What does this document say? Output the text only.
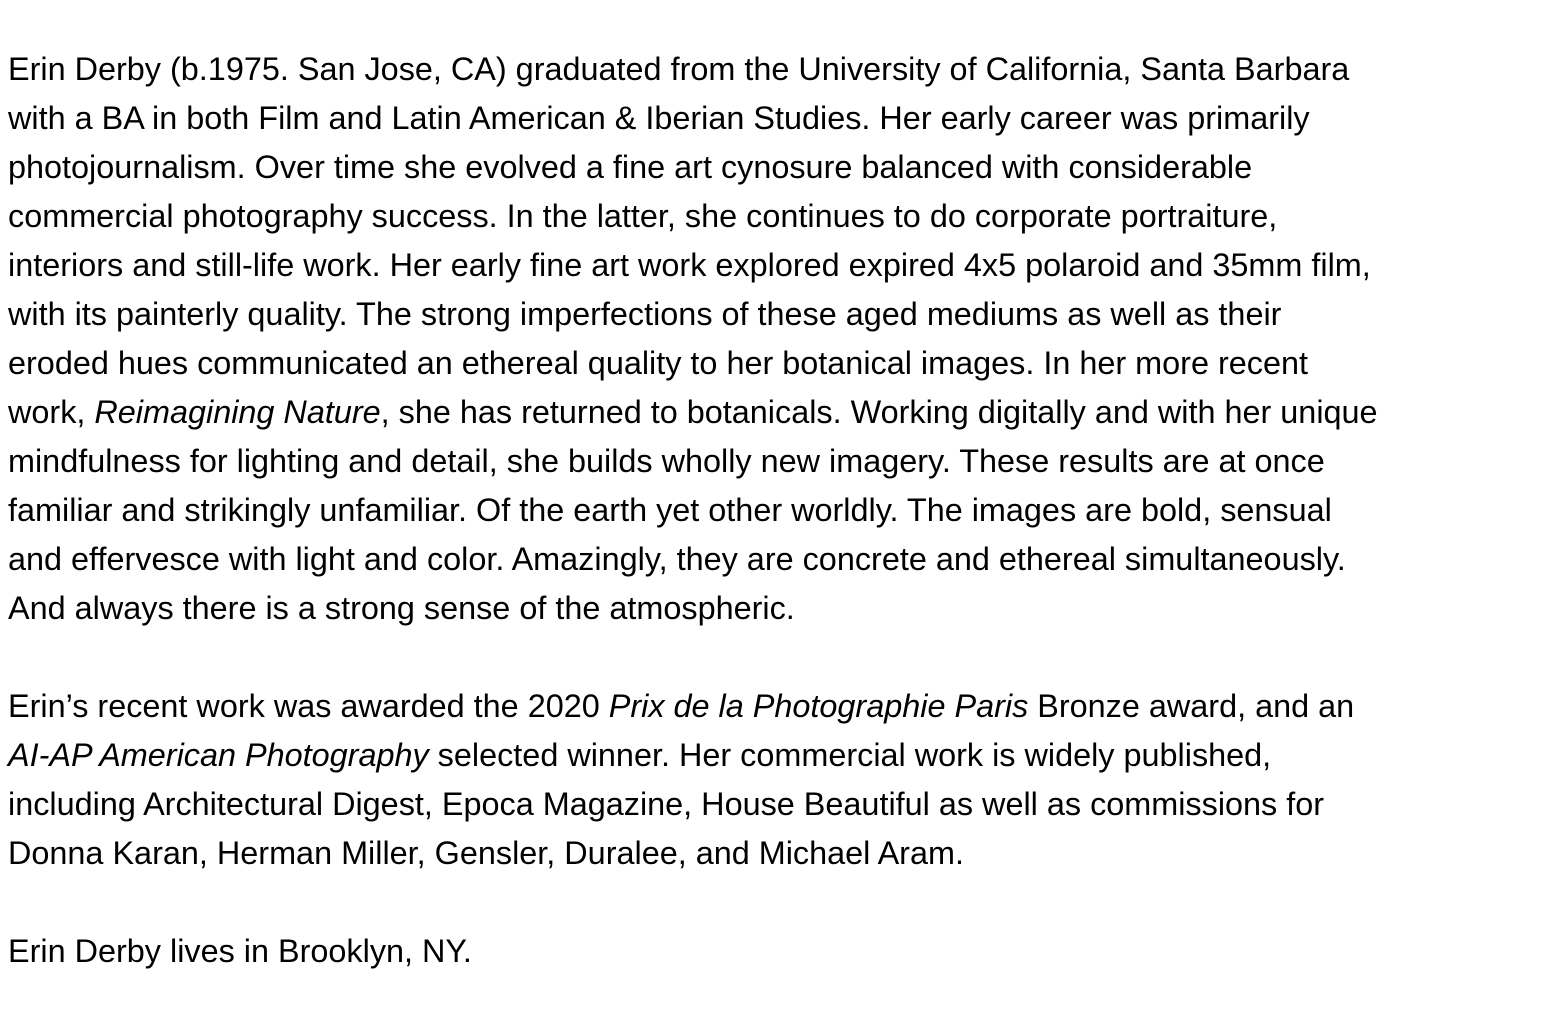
Erin Derby (b.1975. San Jose, CA) graduated from the University of California, Santa Barbara
with a BA in both Film and Latin American & Iberian Studies. Her early career was primarily
photojournalism. Over time she evolved a fine art cynosure balanced with considerable
commercial photography success. In the latter, she continues to do corporate portraiture,
interiors and still-life work. Her early fine art work explored expired 4x5 polaroid and 35mm film,
with its painterly quality. The strong imperfections of these aged mediums as well as their
eroded hues communicated an ethereal quality to her botanical images. In her more recent
work, Reimagining Nature, she has returned to botanicals. Working digitally and with her unique
mindfulness for lighting and detail, she builds wholly new imagery. These results are at once
familiar and strikingly unfamiliar. Of the earth yet other worldly. The images are bold, sensual
and effervesce with light and color. Amazingly, they are concrete and ethereal simultaneously.
And always there is a strong sense of the atmospheric.

Erin’s recent work was awarded the 2020 Prix de la Photographie Paris Bronze award, and an
AI-AP American Photography selected winner. Her commercial work is widely published,
including Architectural Digest, Epoca Magazine, House Beautiful as well as commissions for
Donna Karan, Herman Miller, Gensler, Duralee, and Michael Aram.

Erin Derby lives in Brooklyn, NY.
